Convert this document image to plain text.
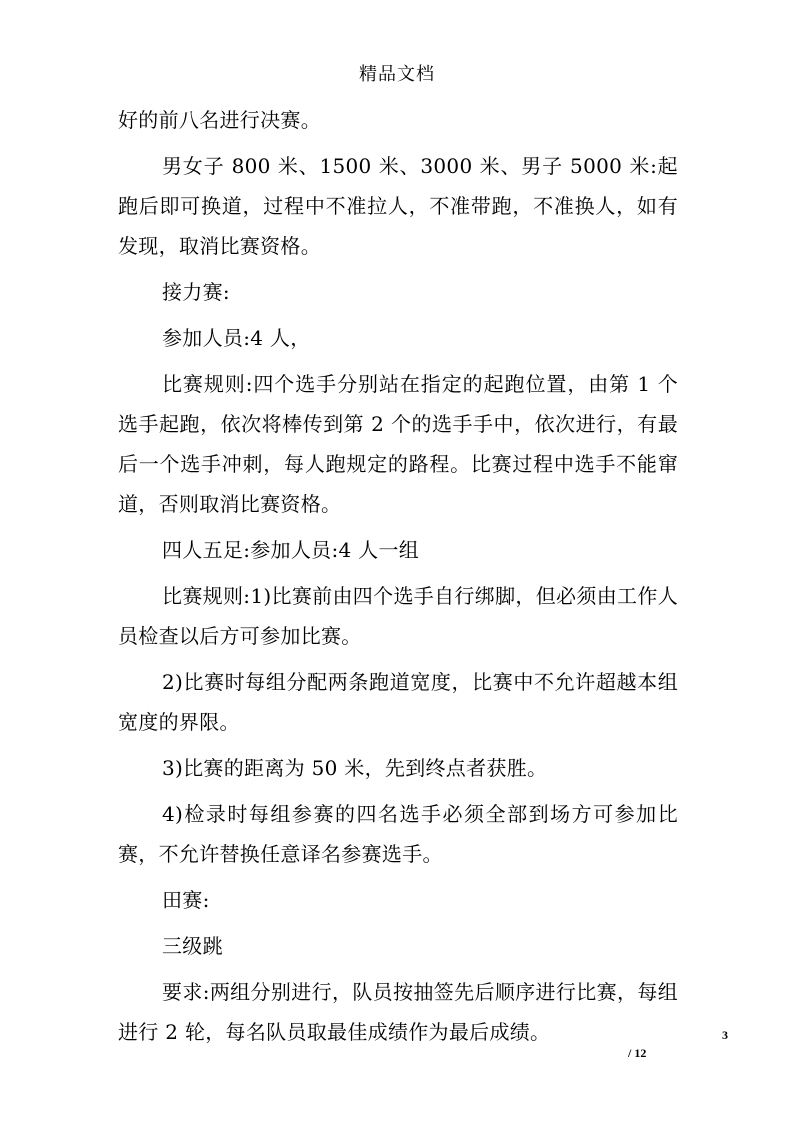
精品文档

好的前八名进行决赛。

男女子 800 米、1500 米、3000 米、男子 5000 米:起跑后即可换道，过程中不准拉人，不准带跑，不准换人，如有发现，取消比赛资格。

接力赛:

参加人员:4 人，

比赛规则:四个选手分别站在指定的起跑位置，由第 1 个选手起跑，依次将棒传到第 2 个的选手手中，依次进行，有最后一个选手冲刺，每人跑规定的路程。比赛过程中选手不能窜道，否则取消比赛资格。

四人五足:参加人员:4 人一组

比赛规则:1)比赛前由四个选手自行绑脚，但必须由工作人员检查以后方可参加比赛。

2)比赛时每组分配两条跑道宽度，比赛中不允许超越本组宽度的界限。

3)比赛的距离为 50 米，先到终点者获胜。

4)检录时每组参赛的四名选手必须全部到场方可参加比赛，不允许替换任意译名参赛选手。

田赛:

三级跳

要求:两组分别进行，队员按抽签先后顺序进行比赛，每组进行 2 轮，每名队员取最佳成绩作为最后成绩。	3
/ 12
